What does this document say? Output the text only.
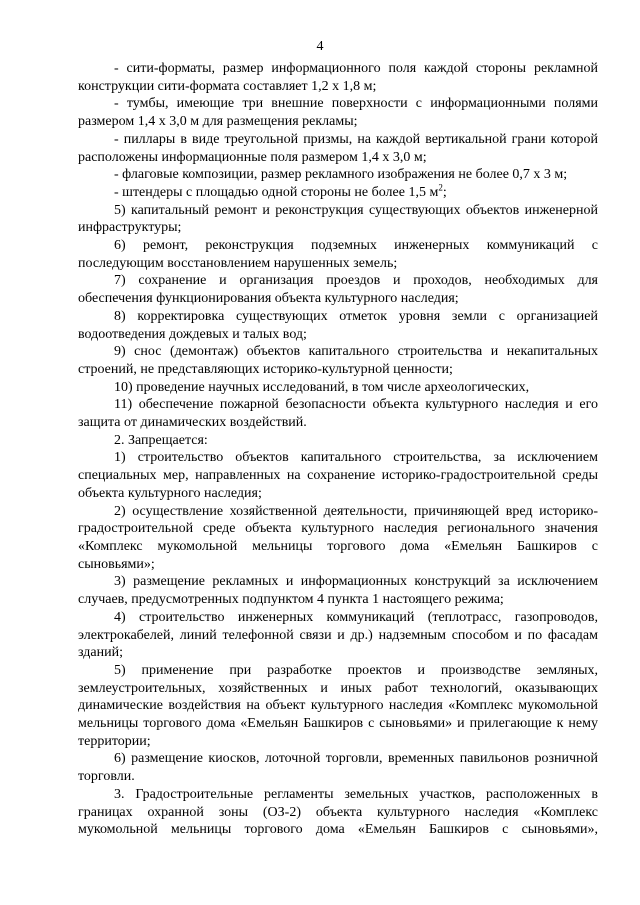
4

- сити-форматы, размер информационного поля каждой стороны рекламной конструкции сити-формата составляет 1,2 х 1,8 м;

- тумбы, имеющие три внешние поверхности с информационными полями размером 1,4 х 3,0 м для размещения рекламы;

- пиллары в виде треугольной призмы, на каждой вертикальной грани которой расположены информационные поля размером 1,4 х 3,0 м;

- флаговые композиции, размер рекламного изображения не более 0,7 х 3 м;

- штендеры с площадью одной стороны не более 1,5 $м^2$;

5) капитальный ремонт и реконструкция существующих объектов инженерной инфраструктуры;

6) ремонт, реконструкция подземных инженерных коммуникаций с последующим восстановлением нарушенных земель;

7) сохранение и организация проездов и проходов, необходимых для обеспечения функционирования объекта культурного наследия;

8) корректировка существующих отметок уровня земли с организацией водоотведения дождевых и талых вод;

9) снос (демонтаж) объектов капитального строительства и некапитальных строений, не представляющих историко-культурной ценности;

10) проведение научных исследований, в том числе археологических,

11) обеспечение пожарной безопасности объекта культурного наследия и его защита от динамических воздействий.

2. Запрещается:

1) строительство объектов капитального строительства, за исключением специальных мер, направленных на сохранение историко-градостроительной среды объекта культурного наследия;

2) осуществление хозяйственной деятельности, причиняющей вред историко-градостроительной среде объекта культурного наследия регионального значения «Комплекс мукомольной мельницы торгового дома «Емельян Башкиров с сыновьями»;

3) размещение рекламных и информационных конструкций за исключением случаев, предусмотренных подпунктом 4 пункта 1 настоящего режима;

4) строительство инженерных коммуникаций (теплотрасс, газопроводов, электрокабелей, линий телефонной связи и др.) надземным способом и по фасадам зданий;

5) применение при разработке проектов и производстве земляных, землеустроительных, хозяйственных и иных работ технологий, оказывающих динамические воздействия на объект культурного наследия «Комплекс мукомольной мельницы торгового дома «Емельян Башкиров с сыновьями» и прилегающие к нему территории;

6) размещение киосков, лоточной торговли, временных павильонов розничной торговли.

3. Градостроительные регламенты земельных участков, расположенных в границах охранной зоны (ОЗ-2) объекта культурного наследия «Комплекс мукомольной мельницы торгового дома «Емельян Башкиров с сыновьями»,
